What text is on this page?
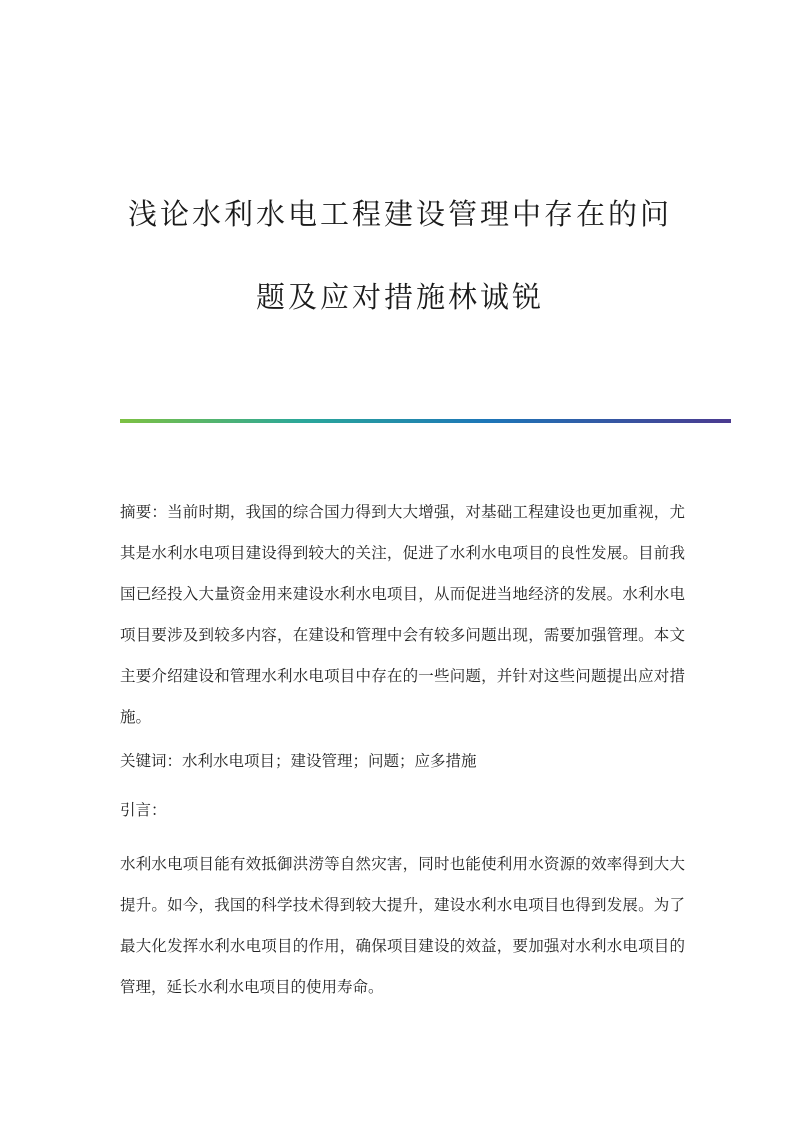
浅论水利水电工程建设管理中存在的问
题及应对措施林诚锐
摘要：当前时期，我国的综合国力得到大大增强，对基础工程建设也更加重视，尤其是水利水电项目建设得到较大的关注，促进了水利水电项目的良性发展。目前我国已经投入大量资金用来建设水利水电项目，从而促进当地经济的发展。水利水电项目要涉及到较多内容，在建设和管理中会有较多问题出现，需要加强管理。本文主要介绍建设和管理水利水电项目中存在的一些问题，并针对这些问题提出应对措施。
关键词：水利水电项目；建设管理；问题；应多措施
引言：
水利水电项目能有效抵御洪涝等自然灾害，同时也能使利用水资源的效率得到大大提升。如今，我国的科学技术得到较大提升，建设水利水电项目也得到发展。为了最大化发挥水利水电项目的作用，确保项目建设的效益，要加强对水利水电项目的管理，延长水利水电项目的使用寿命。
